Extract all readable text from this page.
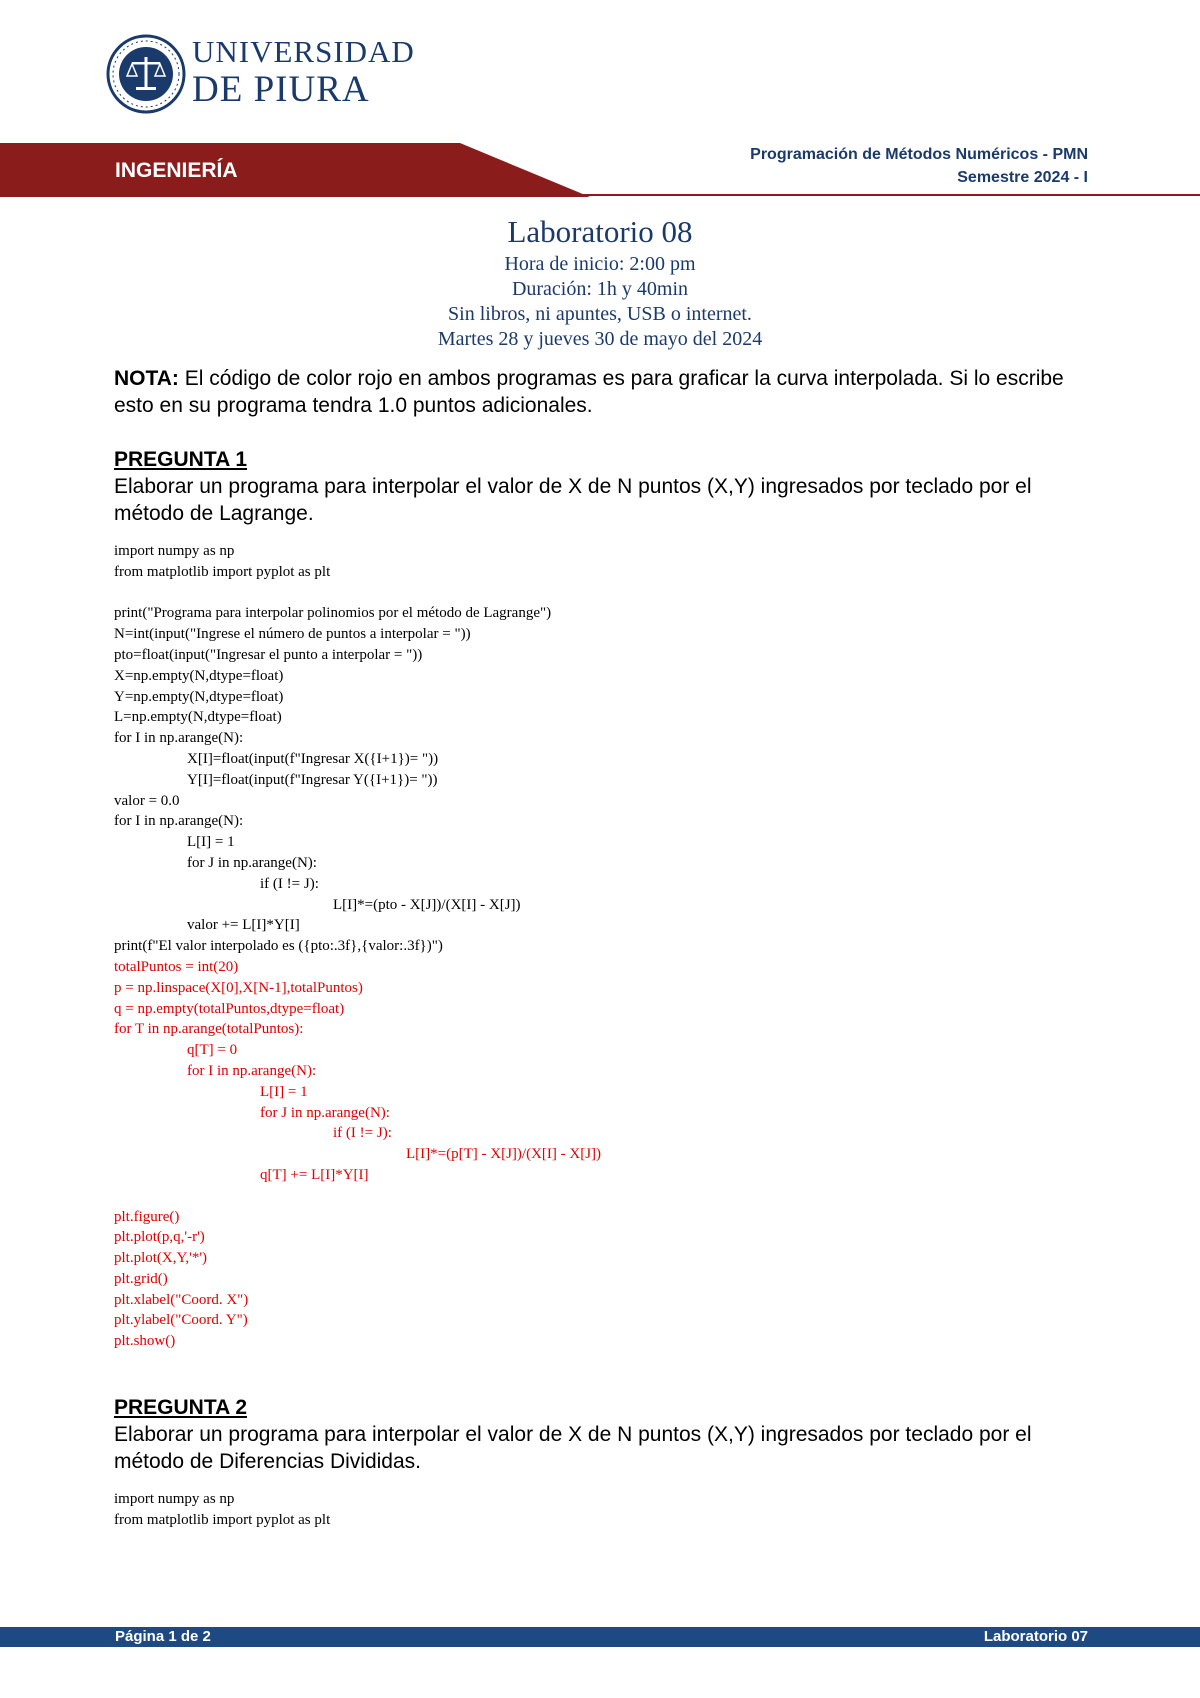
UNIVERSIDAD
DE PIURA
INGENIERÍA
Programación de Métodos Numéricos - PMN
Semestre 2024 - I
Laboratorio 08
Hora de inicio: 2:00 pm
Duración: 1h y 40min
Sin libros, ni apuntes, USB o internet.
Martes 28 y jueves 30 de mayo del 2024
NOTA: El código de color rojo en ambos programas es para graficar la curva interpolada. Si lo escribe esto en su programa tendra 1.0 puntos adicionales.
PREGUNTA 1
Elaborar un programa para interpolar el valor de X de N puntos (X,Y) ingresados por teclado por el método de Lagrange.
import numpy as np
from matplotlib import pyplot as plt
print("Programa para interpolar polinomios por el método de Lagrange")
N=int(input("Ingrese el número de puntos a interpolar = "))
pto=float(input("Ingresar el punto a interpolar = "))
X=np.empty(N,dtype=float)
Y=np.empty(N,dtype=float)
L=np.empty(N,dtype=float)
for I in np.arange(N):
X[I]=float(input(f"Ingresar X({I+1})= "))
Y[I]=float(input(f"Ingresar Y({I+1})= "))
valor = 0.0
for I in np.arange(N):
L[I] = 1
for J in np.arange(N):
if (I != J):
L[I]*=(pto - X[J])/(X[I] - X[J])
valor += L[I]*Y[I]
print(f"El valor interpolado es ({pto:.3f},{valor:.3f})")
totalPuntos = int(20)
p = np.linspace(X[0],X[N-1],totalPuntos)
q = np.empty(totalPuntos,dtype=float)
for T in np.arange(totalPuntos):
q[T] = 0
for I in np.arange(N):
L[I] = 1
for J in np.arange(N):
if (I != J):
L[I]*=(p[T] - X[J])/(X[I] - X[J])
q[T] += L[I]*Y[I]
plt.figure()
plt.plot(p,q,'-r')
plt.plot(X,Y,'*')
plt.grid()
plt.xlabel("Coord. X")
plt.ylabel("Coord. Y")
plt.show()
PREGUNTA 2
Elaborar un programa para interpolar el valor de X de N puntos (X,Y) ingresados por teclado por el método de Diferencias Divididas.
import numpy as np
from matplotlib import pyplot as plt
Página 1 de 2	Laboratorio 07
